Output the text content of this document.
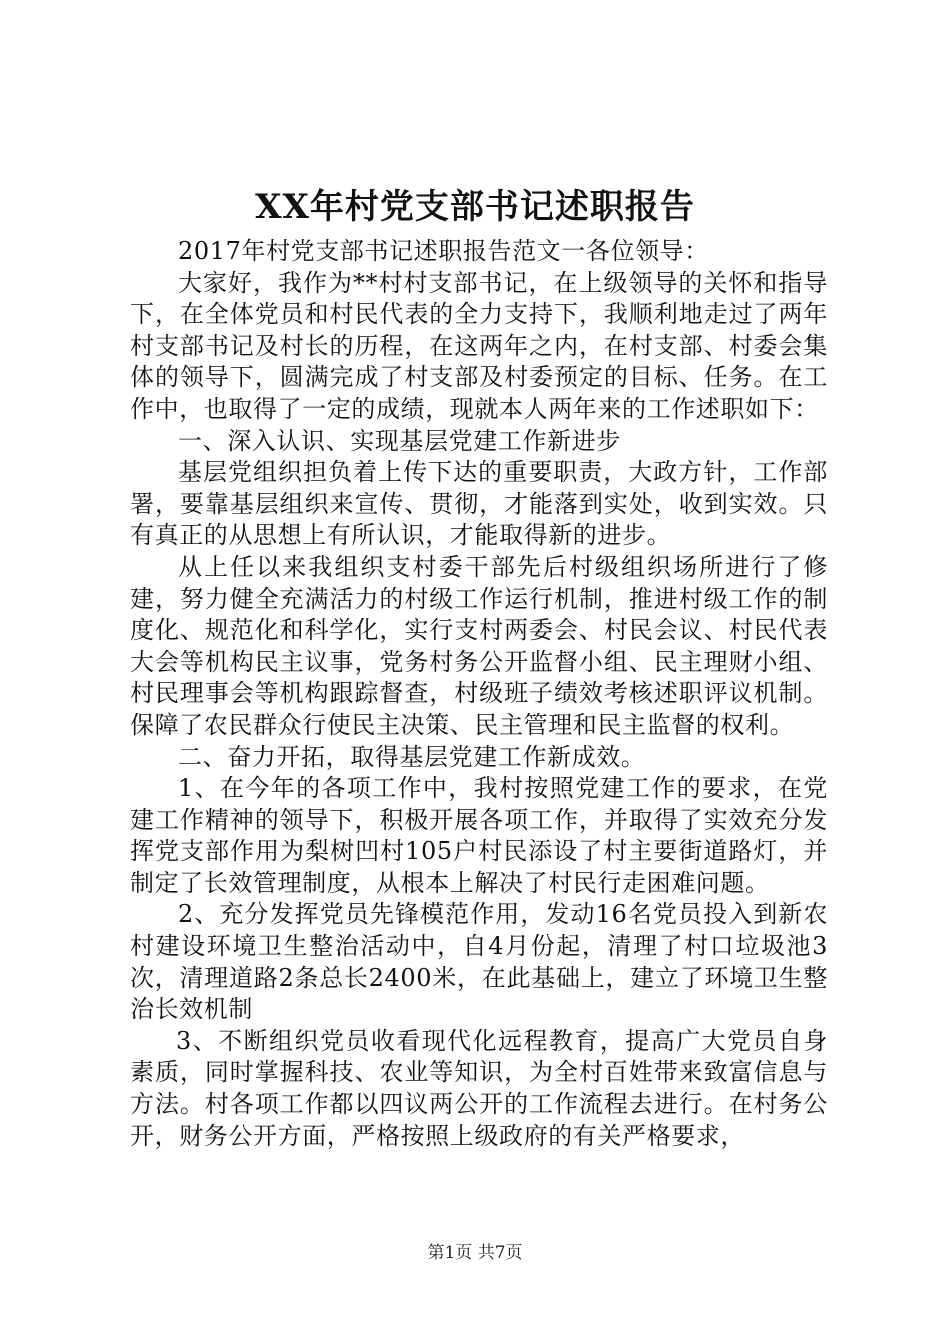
XX年村党支部书记述职报告

2017年村党支部书记述职报告范文一各位领导：

大家好，我作为**村村支部书记，在上级领导的关怀和指导下，在全体党员和村民代表的全力支持下，我顺利地走过了两年村支部书记及村长的历程，在这两年之内，在村支部、村委会集体的领导下，圆满完成了村支部及村委预定的目标、任务。在工作中，也取得了一定的成绩，现就本人两年来的工作述职如下：

一、深入认识、实现基层党建工作新进步

基层党组织担负着上传下达的重要职责，大政方针，工作部署，要靠基层组织来宣传、贯彻，才能落到实处，收到实效。只有真正的从思想上有所认识，才能取得新的进步。

从上任以来我组织支村委干部先后村级组织场所进行了修建，努力健全充满活力的村级工作运行机制，推进村级工作的制度化、规范化和科学化，实行支村两委会、村民会议、村民代表大会等机构民主议事，党务村务公开监督小组、民主理财小组、村民理事会等机构跟踪督查，村级班子绩效考核述职评议机制。保障了农民群众行使民主决策、民主管理和民主监督的权利。

二、奋力开拓，取得基层党建工作新成效。

1、在今年的各项工作中，我村按照党建工作的要求，在党建工作精神的领导下，积极开展各项工作，并取得了实效充分发挥党支部作用为梨树凹村105户村民添设了村主要街道路灯，并制定了长效管理制度，从根本上解决了村民行走困难问题。

2、充分发挥党员先锋模范作用，发动16名党员投入到新农村建设环境卫生整治活动中，自4月份起，清理了村口垃圾池3次，清理道路2条总长2400米，在此基础上，建立了环境卫生整治长效机制

3、不断组织党员收看现代化远程教育，提高广大党员自身素质，同时掌握科技、农业等知识，为全村百姓带来致富信息与方法。村各项工作都以四议两公开的工作流程去进行。在村务公开，财务公开方面，严格按照上级政府的有关严格要求，

第1页 共7页
